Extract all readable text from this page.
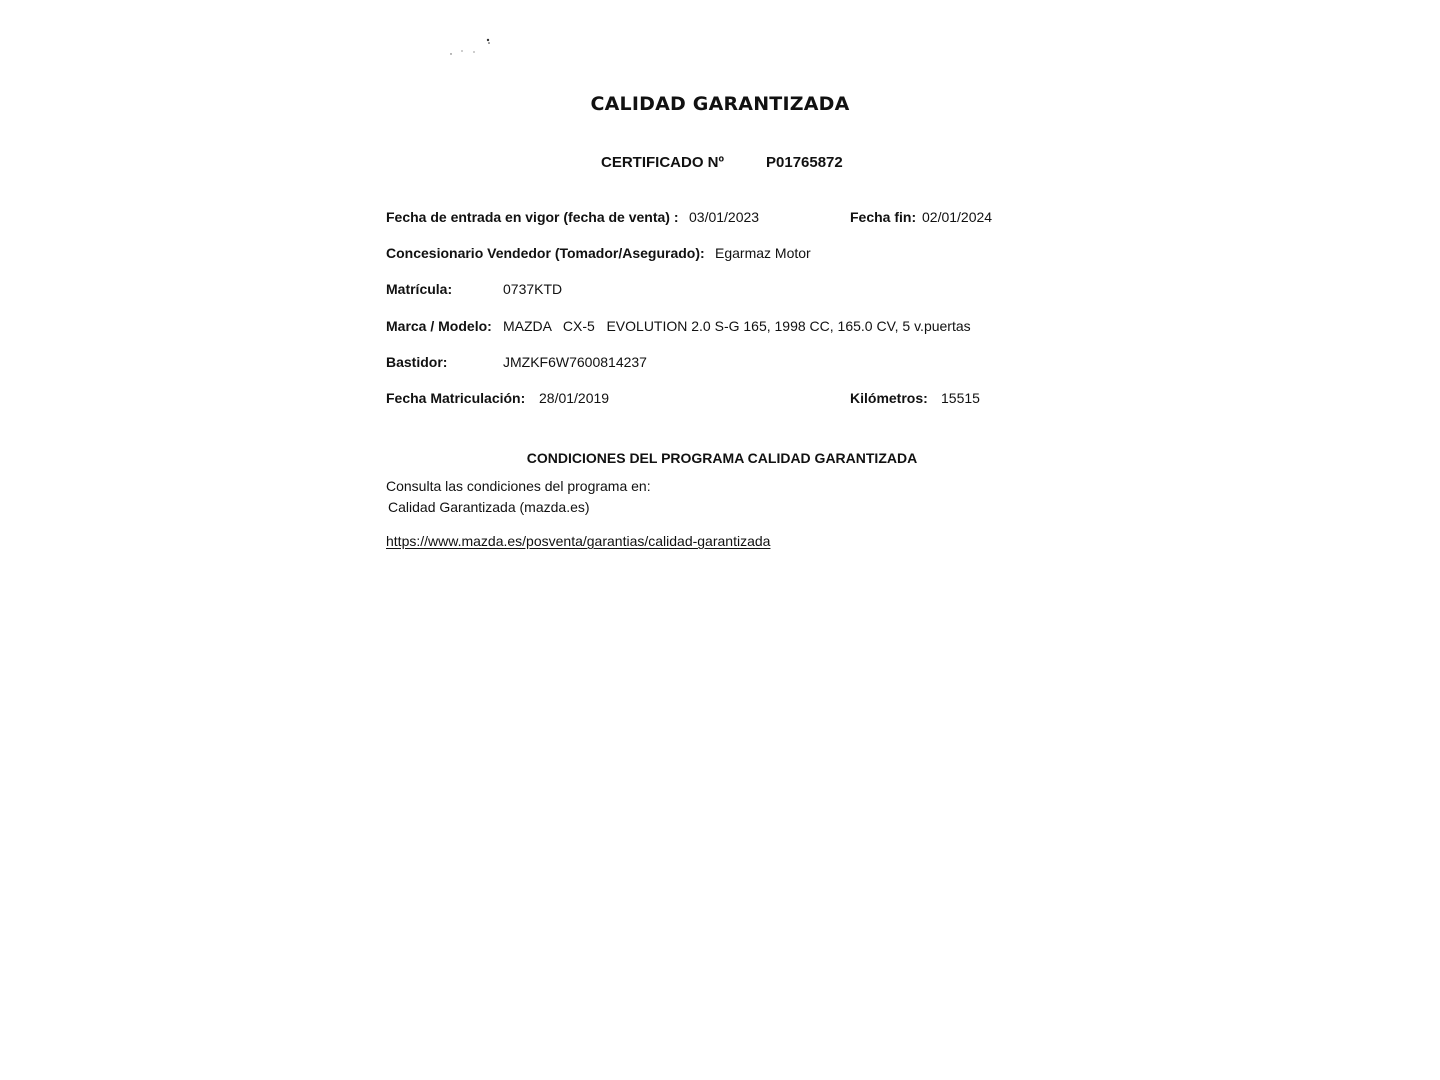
CALIDAD GARANTIZADA
CERTIFICADO Nº	P01765872
Fecha de entrada en vigor (fecha de venta) : 03/01/2023	Fecha fin: 02/01/2024
Concesionario Vendedor (Tomador/Asegurado): Egarmaz Motor
Matrícula:	0737KTD
Marca / Modelo: MAZDA   CX-5   EVOLUTION 2.0 S-G 165, 1998 CC, 165.0 CV, 5 v.puertas
Bastidor:	JMZKF6W7600814237
Fecha Matriculación: 28/01/2019	Kilómetros: 15515
CONDICIONES DEL PROGRAMA CALIDAD GARANTIZADA
Consulta las condiciones del programa en:
Calidad Garantizada (mazda.es)
https://www.mazda.es/posventa/garantias/calidad-garantizada
